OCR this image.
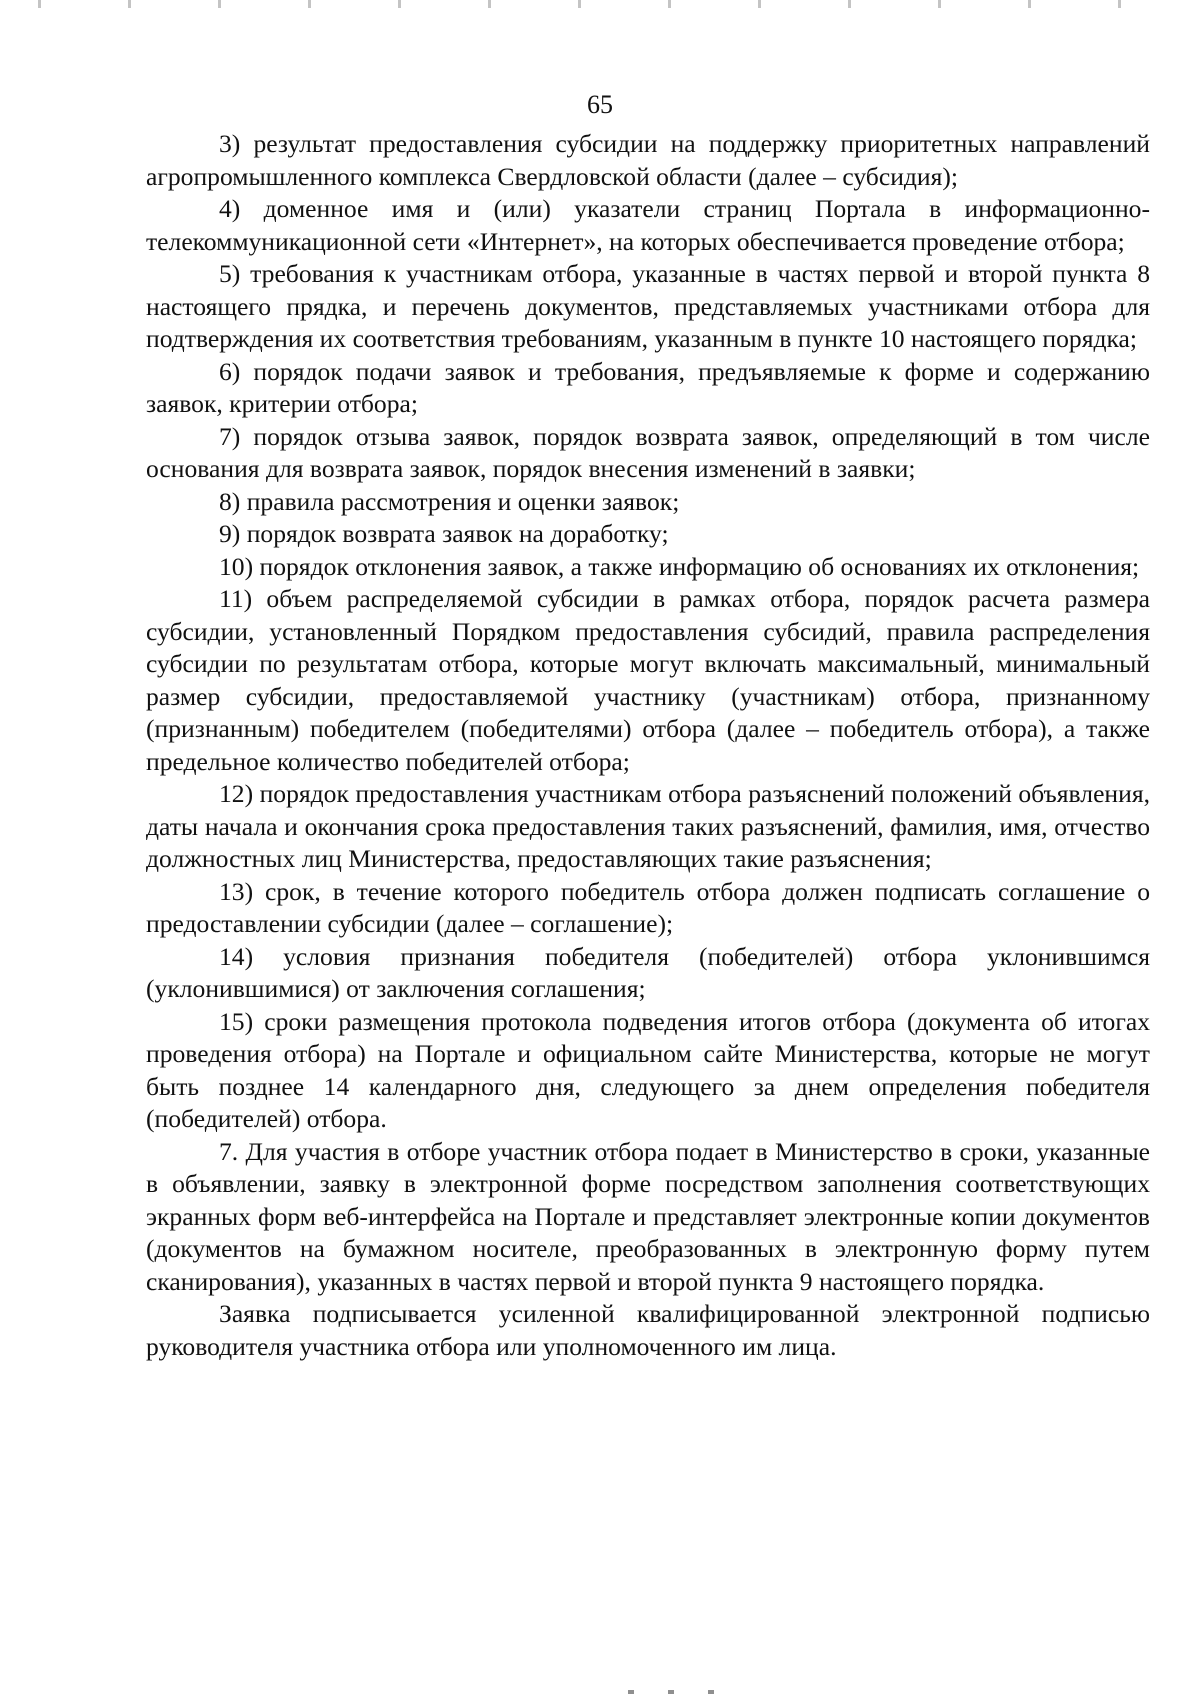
65

3) результат предоставления субсидии на поддержку приоритетных направлений агропромышленного комплекса Свердловской области (далее – субсидия);

4) доменное имя и (или) указатели страниц Портала в информационно-телекоммуникационной сети «Интернет», на которых обеспечивается проведение отбора;

5) требования к участникам отбора, указанные в частях первой и второй пункта 8 настоящего прядка, и перечень документов, представляемых участниками отбора для подтверждения их соответствия требованиям, указанным в пункте 10 настоящего порядка;

6) порядок подачи заявок и требования, предъявляемые к форме и содержанию заявок, критерии отбора;

7) порядок отзыва заявок, порядок возврата заявок, определяющий в том числе основания для возврата заявок, порядок внесения изменений в заявки;

8) правила рассмотрения и оценки заявок;

9) порядок возврата заявок на доработку;

10) порядок отклонения заявок, а также информацию об основаниях их отклонения;

11) объем распределяемой субсидии в рамках отбора, порядок расчета размера субсидии, установленный Порядком предоставления субсидий, правила распределения субсидии по результатам отбора, которые могут включать максимальный, минимальный размер субсидии, предоставляемой участнику (участникам) отбора, признанному (признанным) победителем (победителями) отбора (далее – победитель отбора), а также предельное количество победителей отбора;

12) порядок предоставления участникам отбора разъяснений положений объявления, даты начала и окончания срока предоставления таких разъяснений, фамилия, имя, отчество должностных лиц Министерства, предоставляющих такие разъяснения;

13) срок, в течение которого победитель отбора должен подписать соглашение о предоставлении субсидии (далее – соглашение);

14) условия признания победителя (победителей) отбора уклонившимся (уклонившимися) от заключения соглашения;

15) сроки размещения протокола подведения итогов отбора (документа об итогах проведения отбора) на Портале и официальном сайте Министерства, которые не могут быть позднее 14 календарного дня, следующего за днем определения победителя (победителей) отбора.

7. Для участия в отборе участник отбора подает в Министерство в сроки, указанные в объявлении, заявку в электронной форме посредством заполнения соответствующих экранных форм веб-интерфейса на Портале и представляет электронные копии документов (документов на бумажном носителе, преобразованных в электронную форму путем сканирования), указанных в частях первой и второй пункта 9 настоящего порядка.

Заявка подписывается усиленной квалифицированной электронной подписью руководителя участника отбора или уполномоченного им лица.
